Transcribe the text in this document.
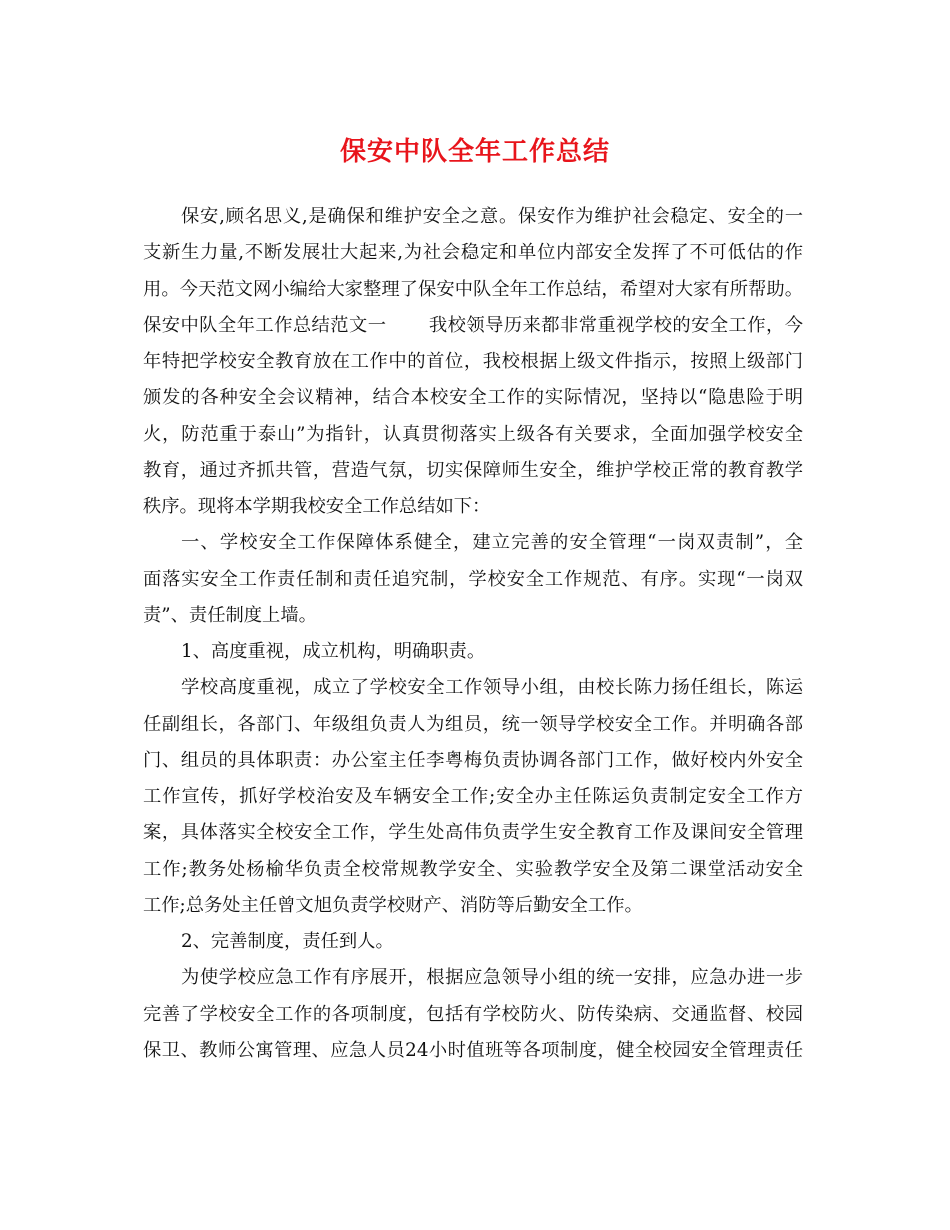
保安中队全年工作总结
保安,顾名思义,是确保和维护安全之意。保安作为维护社会稳定、安全的一
支新生力量,不断发展壮大起来,为社会稳定和单位内部安全发挥了不可低估的作
用。今天范文网小编给大家整理了保安中队全年工作总结，希望对大家有所帮助。
保安中队全年工作总结范文一 我校领导历来都非常重视学校的安全工作，今
年特把学校安全教育放在工作中的首位，我校根据上级文件指示，按照上级部门
颁发的各种安全会议精神，结合本校安全工作的实际情况，坚持以“隐患险于明
火，防范重于泰山”为指针，认真贯彻落实上级各有关要求，全面加强学校安全
教育，通过齐抓共管，营造气氛，切实保障师生安全，维护学校正常的教育教学
秩序。现将本学期我校安全工作总结如下：
一、学校安全工作保障体系健全，建立完善的安全管理“一岗双责制”，全
面落实安全工作责任制和责任追究制，学校安全工作规范、有序。实现“一岗双
责”、责任制度上墙。
1、高度重视，成立机构，明确职责。
学校高度重视，成立了学校安全工作领导小组，由校长陈力扬任组长，陈运
任副组长，各部门、年级组负责人为组员，统一领导学校安全工作。并明确各部
门、组员的具体职责：办公室主任李粤梅负责协调各部门工作，做好校内外安全
工作宣传，抓好学校治安及车辆安全工作;安全办主任陈运负责制定安全工作方
案，具体落实全校安全工作，学生处高伟负责学生安全教育工作及课间安全管理
工作;教务处杨榆华负责全校常规教学安全、实验教学安全及第二课堂活动安全
工作;总务处主任曾文旭负责学校财产、消防等后勤安全工作。
2、完善制度，责任到人。
为使学校应急工作有序展开，根据应急领导小组的统一安排，应急办进一步
完善了学校安全工作的各项制度，包括有学校防火、防传染病、交通监督、校园
保卫、教师公寓管理、应急人员24小时值班等各项制度，健全校园安全管理责任
